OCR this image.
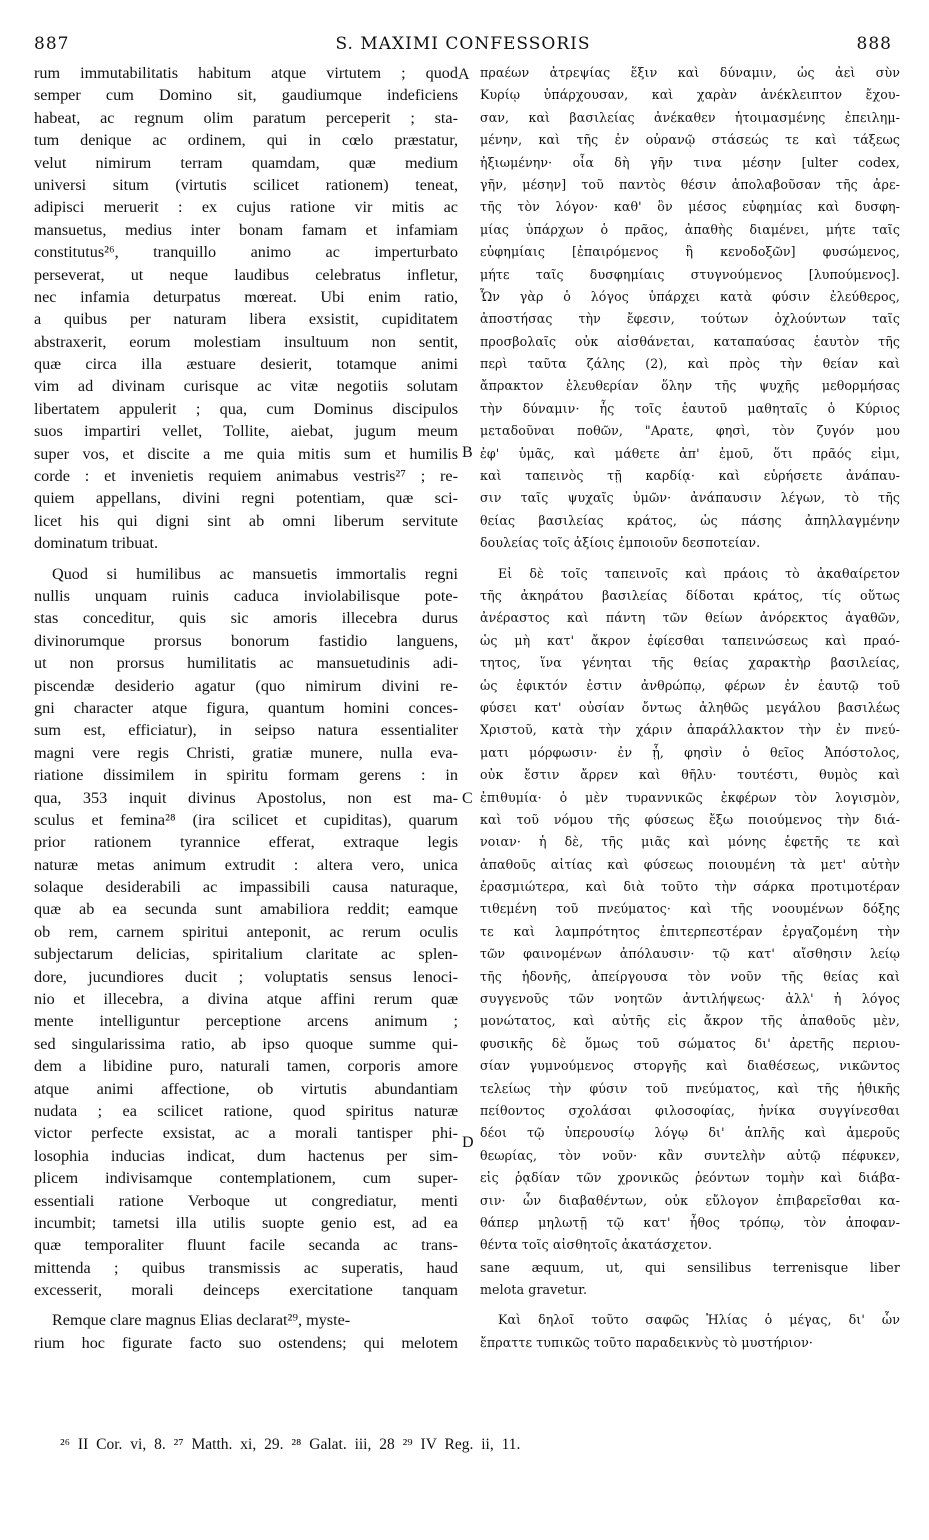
887	S. MAXIMI CONFESSORIS	888
rum immutabilitatis habitum atque virtutem ; quod
semper cum Domino sit, gaudiumque indeficiens
habeat, ac regnum olim paratum perceperit ; sta-
tum denique ac ordinem, qui in cœlo præstatur,
velut nimirum terram quamdam, quæ medium
universi situm (virtutis scilicet rationem) teneat,
adipisci meruerit : ex cujus ratione vir mitis ac
mansuetus, medius inter bonam famam et infamiam
constitutus²⁶, tranquillo animo ac imperturbato
perseverat, ut neque laudibus celebratus infletur,
nec infamia deturpatus mœreat. Ubi enim ratio,
a quibus per naturam libera exsistit, cupiditatem
abstraxerit, eorum molestiam insultuum non sentit,
quæ circa illa æstuare desierit, totamque animi
vim ad divinam curisque ac vitæ negotiis solutam
libertatem appulerit ; qua, cum Dominus discipulos
suos impartiri vellet, Tollite, aiebat, jugum meum
super vos, et discite a me quia mitis sum et humilis
corde : et invenietis requiem animabus vestris²⁷ ; re-
quiem appellans, divini regni potentiam, quæ sci-
licet his qui digni sint ab omni liberum servitute
dominatum tribuat.
Quod si humilibus ac mansuetis immortalis regni
nullis unquam ruinis caduca inviolabilisque pote-
stas conceditur, quis sic amoris illecebra durus
divinorumque prorsus bonorum fastidio languens,
ut non prorsus humilitatis ac mansuetudinis adi-
piscendæ desiderio agatur (quo nimirum divini re-
gni character atque figura, quantum homini conces-
sum est, efficiatur), in seipso natura essentialiter
magni vere regis Christi, gratiæ munere, nulla eva-
riatione dissimilem in spiritu formam gerens : in
qua, 353 inquit divinus Apostolus, non est ma-
sculus et femina²⁸ (ira scilicet et cupiditas), quarum
prior rationem tyrannice efferat, extraque legis
naturæ metas animum extrudit : altera vero, unica
solaque desiderabili ac impassibili causa naturaque,
quæ ab ea secunda sunt amabiliora reddit; eamque
ob rem, carnem spiritui anteponit, ac rerum oculis
subjectarum delicias, spiritalium claritate ac splen-
dore, jucundiores ducit ; voluptatis sensus lenoci-
nio et illecebra, a divina atque affini rerum quæ
mente intelliguntur perceptione arcens animum ;
sed singularissima ratio, ab ipso quoque summe qui-
dem a libidine puro, naturali tamen, corporis amore
atque animi affectione, ob virtutis abundantiam
nudata ; ea scilicet ratione, quod spiritus naturæ
victor perfecte exsistat, ac a morali tantisper phi-
losophia inducias indicat, dum hactenus per sim-
plicem indivisamque contemplationem, cum super-
essentiali ratione Verboque ut congrediatur, menti
incumbit; tametsi illa utilis suopte genio est, ad ea
quæ temporaliter fluunt facile secanda ac trans-
mittenda ; quibus transmissis ac superatis, haud
excesserit, morali deinceps exercitatione tanquam
Remque clare magnus Elias declarat²⁹, myste-
rium hoc figurate facto suo ostendens; qui melotem
πραέων ἀτρεψίας ἕξιν καὶ δύναμιν, ὡς ἀεὶ σὺν
Κυρίῳ ὑπάρχουσαν, καὶ χαρὰν ἀνέκλειπτον ἔχου-
σαν, καὶ βασιλείας ἀνέκαθεν ἡτοιμασμένης ἐπειλημ-
μένην, καὶ τῆς ἐν οὐρανῷ στάσεώς τε καὶ τάξεως
ἠξιωμένην· οἷα δὴ γῆν τινα μέσην [ulter codex,
γῆν, μέσην] τοῦ παντὸς θέσιν ἀπολαβοῦσαν τῆς ἀρε-
τῆς τὸν λόγον· καθ' ὃν μέσος εὐφημίας καὶ δυσφη-
μίας ὑπάρχων ὁ πρᾶος, ἀπαθὴς διαμένει, μήτε ταῖς
εὐφημίαις [ἐπαιρόμενος ἢ κενοδοξῶν] φυσώμενος,
μήτε ταῖς δυσφημίαις στυγνούμενος [λυπούμενος].
Ὧν γὰρ ὁ λόγος ὑπάρχει κατὰ φύσιν ἐλεύθερος,
ἀποστήσας τὴν ἔφεσιν, τούτων ὀχλούντων ταῖς
προσβολαῖς οὐκ αἰσθάνεται, καταπαύσας ἑαυτὸν τῆς
περὶ ταῦτα ζάλης (2), καὶ πρὸς τὴν θείαν καὶ
ἄπρακτον ἐλευθερίαν ὅλην τῆς ψυχῆς μεθορμήσας
τὴν δύναμιν· ἧς τοῖς ἑαυτοῦ μαθηταῖς ὁ Κύριος
μεταδοῦναι ποθῶν, "Αρατε, φησὶ, τὸν ζυγόν μου
ἐφ' ὑμᾶς, καὶ μάθετε ἀπ' ἐμοῦ, ὅτι πρᾶός εἰμι,
καὶ ταπεινὸς τῇ καρδίᾳ· καὶ εὑρήσετε ἀνάπαυ-
σιν ταῖς ψυχαῖς ὑμῶν· ἀνάπαυσιν λέγων, τὸ τῆς
θείας βασιλείας κράτος, ὡς πάσης ἀπηλλαγμένην
δουλείας τοῖς ἀξίοις ἐμποιοῦν δεσποτείαν.
Εἰ δὲ τοῖς ταπεινοῖς καὶ πράοις τὸ ἀκαθαίρετον
τῆς ἀκηράτου βασιλείας δίδοται κράτος, τίς οὕτως
ἀνέραστος καὶ πάντη τῶν θείων ἀνόρεκτος ἀγαθῶν,
ὡς μὴ κατ' ἄκρον ἐφίεσθαι ταπεινώσεως καὶ πραό-
τητος, ἵνα γένηται τῆς θείας χαρακτὴρ βασιλείας,
ὡς ἐφικτόν ἐστιν ἀνθρώπῳ, φέρων ἐν ἑαυτῷ τοῦ
φύσει κατ' οὐσίαν ὄντως ἀληθῶς μεγάλου βασιλέως
Χριστοῦ, κατὰ τὴν χάριν ἀπαράλλακτον τὴν ἐν πνεύ-
ματι μόρφωσιν· ἐν ᾗ, φησὶν ὁ θεῖος Ἀπόστολος,
οὐκ ἔστιν ἄρρεν καὶ θῆλυ· τουτέστι, θυμὸς καὶ
ἐπιθυμία· ὁ μὲν τυραννικῶς ἐκφέρων τὸν λογισμὸν,
καὶ τοῦ νόμου τῆς φύσεως ἔξω ποιούμενος τὴν διά-
νοιαν· ἡ δὲ, τῆς μιᾶς καὶ μόνης ἐφετῆς τε καὶ
ἀπαθοῦς αἰτίας καὶ φύσεως ποιουμένη τὰ μετ' αὐτὴν
ἐρασμιώτερα, καὶ διὰ τοῦτο τὴν σάρκα προτιμοτέραν
τιθεμένη τοῦ πνεύματος· καὶ τῆς νοουμένων δόξης
τε καὶ λαμπρότητος ἐπιτερπεστέραν ἐργαζομένη τὴν
τῶν φαινομένων ἀπόλαυσιν· τῷ κατ' αἴσθησιν λείῳ
τῆς ἡδονῆς, ἀπείργουσα τὸν νοῦν τῆς θείας καὶ
συγγενοῦς τῶν νοητῶν ἀντιλήψεως· ἀλλ' ἡ λόγος
μονώτατος, καὶ αὐτῆς εἰς ἄκρον τῆς ἀπαθοῦς μὲν,
φυσικῆς δὲ ὅμως τοῦ σώματος δι' ἀρετῆς περιου-
σίαν γυμνούμενος στοργῆς καὶ διαθέσεως, νικῶντος
τελείως τὴν φύσιν τοῦ πνεύματος, καὶ τῆς ἠθικῆς
πείθοντος σχολάσαι φιλοσοφίας, ἡνίκα συγγίνεσθαι
δέοι τῷ ὑπερουσίῳ λόγῳ δι' ἁπλῆς καὶ ἀμεροῦς
θεωρίας, τὸν νοῦν· κἂν συντελὴν αὐτῷ πέφυκεν,
εἰς ῥᾳδίαν τῶν χρονικῶς ῥεόντων τομὴν καὶ διάβα-
σιν· ὧν διαβαθέντων, οὐκ εὔλογον ἐπιβαρεῖσθαι κα-
θάπερ μηλωτῇ τῷ κατ' ἦθος τρόπῳ, τὸν ἀποφαν-
θέντα τοῖς αἰσθητοῖς ἀκατάσχετον.
sane æquum, ut, qui sensilibus terrenisque liber
melota gravetur.
Καὶ δηλοῖ τοῦτο σαφῶς Ἠλίας ὁ μέγας, δι' ὧν
ἔπραττε τυπικῶς τοῦτο παραδεικνὺς τὸ μυστήριον·
A
B
C
D
²⁶ II Cor. vi, 8. ²⁷ Matth. xi, 29. ²⁸ Galat. iii, 28 ²⁹ IV Reg. ii, 11.
